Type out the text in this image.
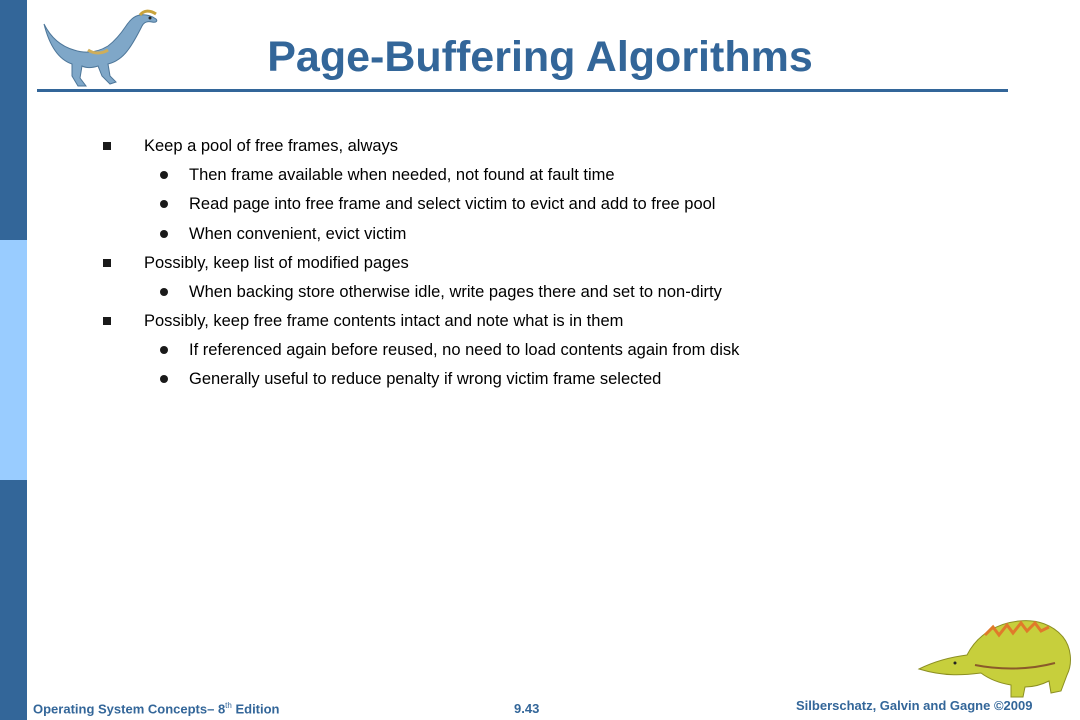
Page-Buffering Algorithms
Keep a pool of free frames, always
Then frame available when needed, not found at fault time
Read page into free frame and select victim to evict and add to free pool
When convenient, evict victim
Possibly, keep list of modified pages
When backing store otherwise idle, write pages there and set to non-dirty
Possibly, keep free frame contents intact and note what is in them
If referenced again before reused, no need to load contents again from disk
Generally useful to reduce penalty if wrong victim frame selected
Operating System Concepts– 8th Edition	9.43	Silberschatz, Galvin and Gagne ©2009
